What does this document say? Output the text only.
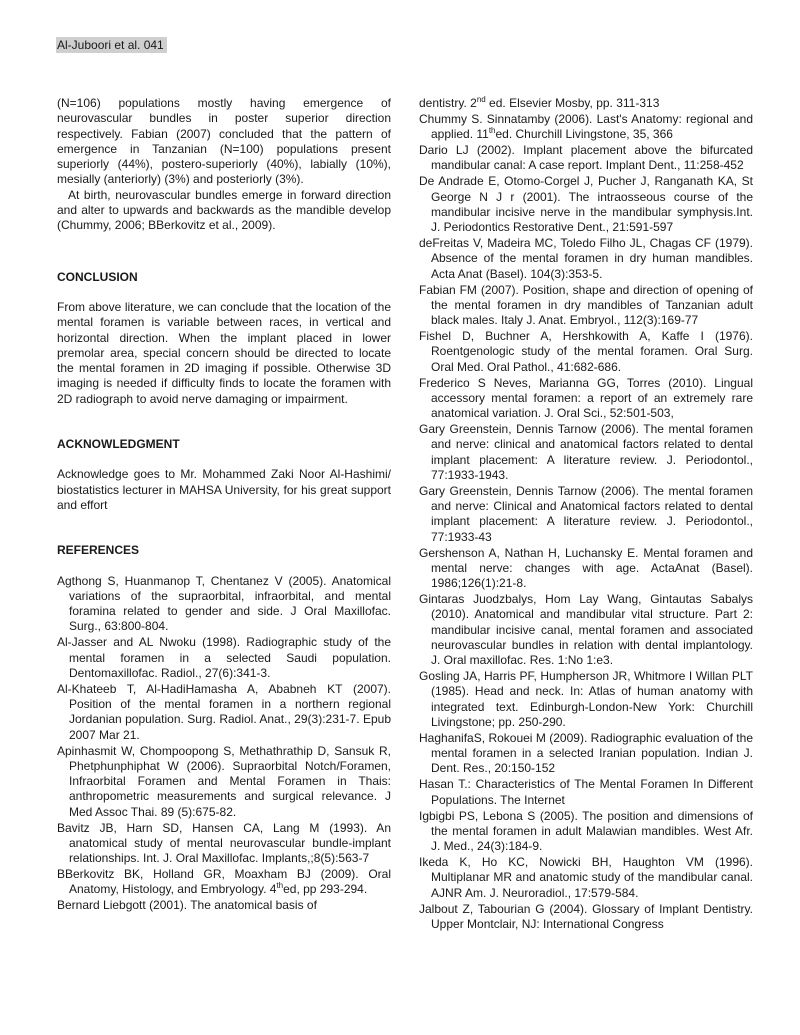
Al-Juboori et al. 041

(N=106) populations mostly having emergence of neurovascular bundles in poster superior direction respectively. Fabian (2007) concluded that the pattern of emergence in Tanzanian (N=100) populations present superiorly (44%), postero-superiorly (40%), labially (10%), mesially (anteriorly) (3%) and posteriorly (3%).

At birth, neurovascular bundles emerge in forward direction and alter to upwards and backwards as the mandible develop (Chummy, 2006; BBerkovitz et al., 2009).

CONCLUSION

From above literature, we can conclude that the location of the mental foramen is variable between races, in vertical and horizontal direction. When the implant placed in lower premolar area, special concern should be directed to locate the mental foramen in 2D imaging if possible. Otherwise 3D imaging is needed if difficulty finds to locate the foramen with 2D radiograph to avoid nerve damaging or impairment.

ACKNOWLEDGMENT

Acknowledge goes to Mr. Mohammed Zaki Noor Al-Hashimi/ biostatistics lecturer in MAHSA University, for his great support and effort

REFERENCES

Agthong S, Huanmanop T, Chentanez V (2005). Anatomical variations of the supraorbital, infraorbital, and mental foramina related to gender and side. J Oral Maxillofac. Surg., 63:800-804.

Al-Jasser and AL Nwoku (1998). Radiographic study of the mental foramen in a selected Saudi population. Dentomaxillofac. Radiol., 27(6):341-3.

Al-Khateeb T, Al-HadiHamasha A, Ababneh KT (2007). Position of the mental foramen in a northern regional Jordanian population. Surg. Radiol. Anat., 29(3):231-7. Epub 2007 Mar 21.

Apinhasmit W, Chompoopong S, Methathrathip D, Sansuk R, Phetphunphiphat W (2006). Supraorbital Notch/Foramen, Infraorbital Foramen and Mental Foramen in Thais: anthropometric measurements and surgical relevance. J Med Assoc Thai. 89 (5):675-82.

Bavitz JB, Harn SD, Hansen CA, Lang M (1993). An anatomical study of mental neurovascular bundle-implant relationships. Int. J. Oral Maxillofac. Implants,;8(5):563-7

BBerkovitz BK, Holland GR, Moaxham BJ (2009). Oral Anatomy, Histology, and Embryology. 4thed, pp 293-294.

Bernard Liebgott (2001). The anatomical basis of

dentistry. 2nd ed. Elsevier Mosby, pp. 311-313

Chummy S. Sinnatamby (2006). Last's Anatomy: regional and applied. 11thed. Churchill Livingstone, 35, 366

Dario LJ (2002). Implant placement above the bifurcated mandibular canal: A case report. Implant Dent., 11:258-452

De Andrade E, Otomo-Corgel J, Pucher J, Ranganath KA, St George N J r (2001). The intraosseous course of the mandibular incisive nerve in the mandibular symphysis.Int. J. Periodontics Restorative Dent., 21:591-597

deFreitas V, Madeira MC, Toledo Filho JL, Chagas CF (1979). Absence of the mental foramen in dry human mandibles. Acta Anat (Basel). 104(3):353-5.

Fabian FM (2007). Position, shape and direction of opening of the mental foramen in dry mandibles of Tanzanian adult black males. Italy J. Anat. Embryol., 112(3):169-77

Fishel D, Buchner A, Hershkowith A, Kaffe I (1976). Roentgenologic study of the mental foramen. Oral Surg. Oral Med. Oral Pathol., 41:682-686.

Frederico S Neves, Marianna GG, Torres (2010). Lingual accessory mental foramen: a report of an extremely rare anatomical variation. J. Oral Sci., 52:501-503,

Gary Greenstein, Dennis Tarnow (2006). The mental foramen and nerve: clinical and anatomical factors related to dental implant placement: A literature review. J. Periodontol., 77:1933-1943.

Gary Greenstein, Dennis Tarnow (2006). The mental foramen and nerve: Clinical and Anatomical factors related to dental implant placement: A literature review. J. Periodontol., 77:1933-43

Gershenson A, Nathan H, Luchansky E. Mental foramen and mental nerve: changes with age. ActaAnat (Basel). 1986;126(1):21-8.

Gintaras Juodzbalys, Hom Lay Wang, Gintautas Sabalys (2010). Anatomical and mandibular vital structure. Part 2: mandibular incisive canal, mental foramen and associated neurovascular bundles in relation with dental implantology. J. Oral maxillofac. Res. 1:No 1:e3.

Gosling JA, Harris PF, Humpherson JR, Whitmore I Willan PLT (1985). Head and neck. In: Atlas of human anatomy with integrated text. Edinburgh-London-New York: Churchill Livingstone; pp. 250-290.

HaghanifaS, Rokouei M (2009). Radiographic evaluation of the mental foramen in a selected Iranian population. Indian J. Dent. Res., 20:150-152

Hasan T.: Characteristics of The Mental Foramen In Different Populations. The Internet

Igbigbi PS, Lebona S (2005). The position and dimensions of the mental foramen in adult Malawian mandibles. West Afr. J. Med., 24(3):184-9.

Ikeda K, Ho KC, Nowicki BH, Haughton VM (1996). Multiplanar MR and anatomic study of the mandibular canal. AJNR Am. J. Neuroradiol., 17:579-584.

Jalbout Z, Tabourian G (2004). Glossary of Implant Dentistry. Upper Montclair, NJ: International Congress
